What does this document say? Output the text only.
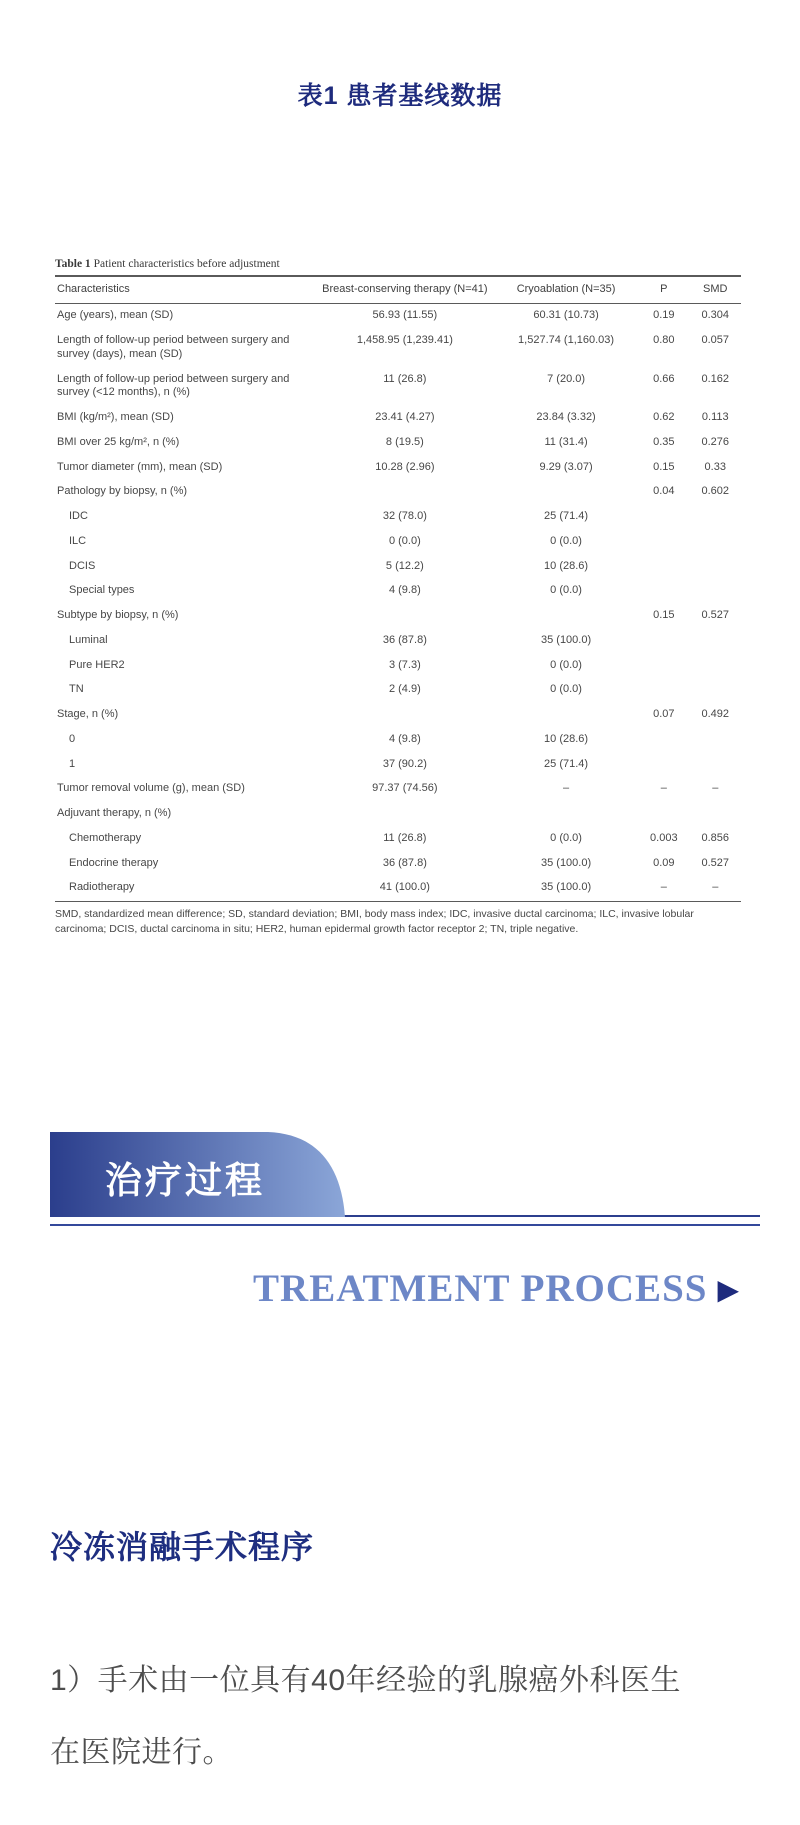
表1 患者基线数据
Table 1 Patient characteristics before adjustment
Characteristics	Breast-conserving therapy (N=41)	Cryoablation (N=35)	P	SMD
Age (years), mean (SD)	56.93 (11.55)	60.31 (10.73)	0.19	0.304
Length of follow-up period between surgery and survey (days), mean (SD)	1,458.95 (1,239.41)	1,527.74 (1,160.03)	0.80	0.057
Length of follow-up period between surgery and survey (<12 months), n (%)	11 (26.8)	7 (20.0)	0.66	0.162
BMI (kg/m²), mean (SD)	23.41 (4.27)	23.84 (3.32)	0.62	0.113
BMI over 25 kg/m², n (%)	8 (19.5)	11 (31.4)	0.35	0.276
Tumor diameter (mm), mean (SD)	10.28 (2.96)	9.29 (3.07)	0.15	0.33
Pathology by biopsy, n (%)			0.04	0.602
IDC	32 (78.0)	25 (71.4)		
ILC	0 (0.0)	0 (0.0)		
DCIS	5 (12.2)	10 (28.6)		
Special types	4 (9.8)	0 (0.0)		
Subtype by biopsy, n (%)			0.15	0.527
Luminal	36 (87.8)	35 (100.0)		
Pure HER2	3 (7.3)	0 (0.0)		
TN	2 (4.9)	0 (0.0)		
Stage, n (%)			0.07	0.492
0	4 (9.8)	10 (28.6)		
1	37 (90.2)	25 (71.4)		
Tumor removal volume (g), mean (SD)	97.37 (74.56)	–	–	–
Adjuvant therapy, n (%)				
Chemotherapy	11 (26.8)	0 (0.0)	0.003	0.856
Endocrine therapy	36 (87.8)	35 (100.0)	0.09	0.527
Radiotherapy	41 (100.0)	35 (100.0)	–	–
SMD, standardized mean difference; SD, standard deviation; BMI, body mass index; IDC, invasive ductal carcinoma; ILC, invasive lobular carcinoma; DCIS, ductal carcinoma in situ; HER2, human epidermal growth factor receptor 2; TN, triple negative.
治疗过程
TREATMENT PROCESS ▶
冷冻消融手术程序

1）手术由一位具有40年经验的乳腺癌外科医生

在医院进行。
